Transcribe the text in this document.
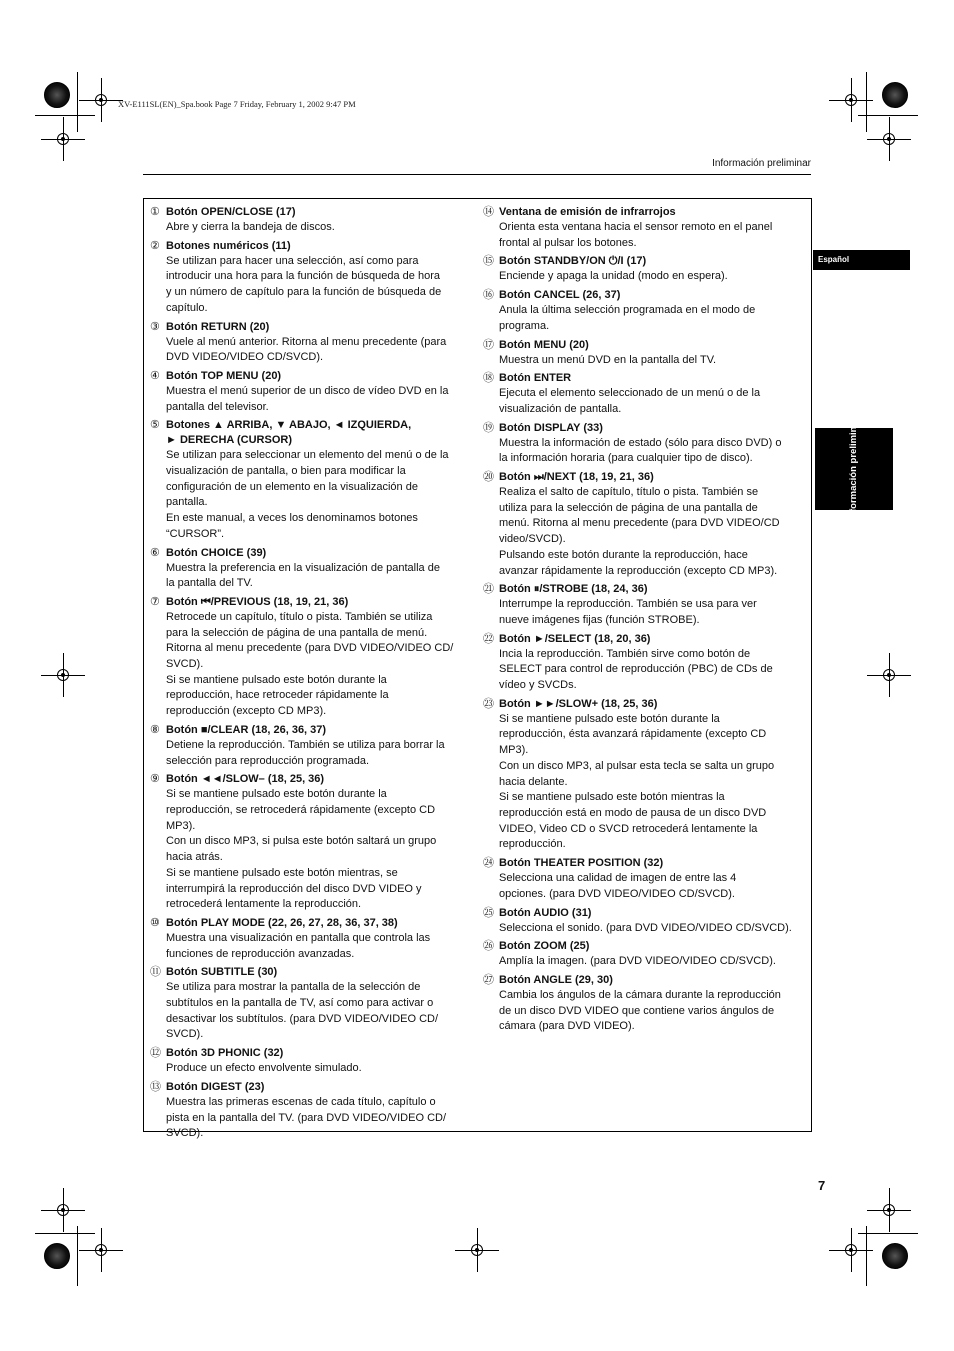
XV-E111SL(EN)_Spa.book Page 7 Friday, February 1, 2002 9:47 PM
Información preliminar
Español
Información preliminar
① Botón OPEN/CLOSE (17)
Abre y cierra la bandeja de discos.
② Botones numéricos (11)
Se utilizan para hacer una selección, así como para
introducir una hora para la función de búsqueda de hora
y un número de capítulo para la función de búsqueda de
capítulo.
③ Botón RETURN (20)
Vuele al menú anterior. Ritorna al menu precedente (para
DVD VIDEO/VIDEO CD/SVCD).
④ Botón TOP MENU (20)
Muestra el menú superior de un disco de vídeo DVD en la
pantalla del televisor.
⑤ Botones ▲ ARRIBA, ▼ ABAJO, ◄ IZQUIERDA,
► DERECHA (CURSOR)
Se utilizan para seleccionar un elemento del menú o de la
visualización de pantalla, o bien para modificar la
configuración de un elemento en la visualización de
pantalla.
En este manual, a veces los denominamos botones
“CURSOR”.
⑥ Botón CHOICE (39)
Muestra la preferencia en la visualización de pantalla de
la pantalla del TV.
⑦ Botón ⏮/PREVIOUS (18, 19, 21, 36)
Retrocede un capítulo, título o pista. También se utiliza
para la selección de página de una pantalla de menú.
Ritorna al menu precedente (para DVD VIDEO/VIDEO CD/
SVCD).
Si se mantiene pulsado este botón durante la
reproducción, hace retroceder rápidamente la
reproducción (excepto CD MP3).
⑧ Botón ■/CLEAR (18, 26, 36, 37)
Detiene la reproducción. También se utiliza para borrar la
selección para reproducción programada.
⑨ Botón ◄◄/SLOW– (18, 25, 36)
Si se mantiene pulsado este botón durante la
reproducción, se retrocederá rápidamente (excepto CD
MP3).
Con un disco MP3, si pulsa este botón saltará un grupo
hacia atrás.
Si se mantiene pulsado este botón mientras, se
interrumpirá la reproducción del disco DVD VIDEO y
retrocederá lentamente la reproducción.
⑩ Botón PLAY MODE (22, 26, 27, 28, 36, 37, 38)
Muestra una visualización en pantalla que controla las
funciones de reproducción avanzadas.
⑪ Botón SUBTITLE (30)
Se utiliza para mostrar la pantalla de la selección de
subtítulos en la pantalla de TV, así como para activar o
desactivar los subtítulos. (para DVD VIDEO/VIDEO CD/
SVCD).
⑫ Botón 3D PHONIC (32)
Produce un efecto envolvente simulado.
⑬ Botón DIGEST (23)
Muestra las primeras escenas de cada título, capítulo o
pista en la pantalla del TV. (para DVD VIDEO/VIDEO CD/
SVCD).
⑭ Ventana de emisión de infrarrojos
Orienta esta ventana hacia el sensor remoto en el panel
frontal al pulsar los botones.
⑮ Botón STANDBY/ON ⏻/I (17)
Enciende y apaga la unidad (modo en espera).
⑯ Botón CANCEL (26, 37)
Anula la última selección programada en el modo de
programa.
⑰ Botón MENU (20)
Muestra un menú DVD en la pantalla del TV.
⑱ Botón ENTER
Ejecuta el elemento seleccionado de un menú o de la
visualización de pantalla.
⑲ Botón DISPLAY (33)
Muestra la información de estado (sólo para disco DVD) o
la información horaria (para cualquier tipo de disco).
⑳ Botón ⏭/NEXT (18, 19, 21, 36)
Realiza el salto de capítulo, título o pista. También se
utiliza para la selección de página de una pantalla de
menú. Ritorna al menu precedente (para DVD VIDEO/CD
video/SVCD).
Pulsando este botón durante la reproducción, hace
avanzar rápidamente la reproducción (excepto CD MP3).
㉑ Botón ⏸/STROBE (18, 24, 36)
Interrumpe la reproducción. También se usa para ver
nueve imágenes fijas (función STROBE).
㉒ Botón ►/SELECT (18, 20, 36)
Incia la reproducción. También sirve como botón de
SELECT para control de reproducción (PBC) de CDs de
vídeo y SVCDs.
㉓ Botón ►►/SLOW+ (18, 25, 36)
Si se mantiene pulsado este botón durante la
reproducción, ésta avanzará rápidamente (excepto CD
MP3).
Con un disco MP3, al pulsar esta tecla se salta un grupo
hacia delante.
Si se mantiene pulsado este botón mientras la
reproducción está en modo de pausa de un disco DVD
VIDEO, Video CD o SVCD retrocederá lentamente la
reproducción.
㉔ Botón THEATER POSITION (32)
Selecciona una calidad de imagen de entre las 4
opciones. (para DVD VIDEO/VIDEO CD/SVCD).
㉕ Botón AUDIO (31)
Selecciona el sonido. (para DVD VIDEO/VIDEO CD/SVCD).
㉖ Botón ZOOM (25)
Amplía la imagen. (para DVD VIDEO/VIDEO CD/SVCD).
㉗ Botón ANGLE (29, 30)
Cambia los ángulos de la cámara durante la reproducción
de un disco DVD VIDEO que contiene varios ángulos de
cámara (para DVD VIDEO).
7
